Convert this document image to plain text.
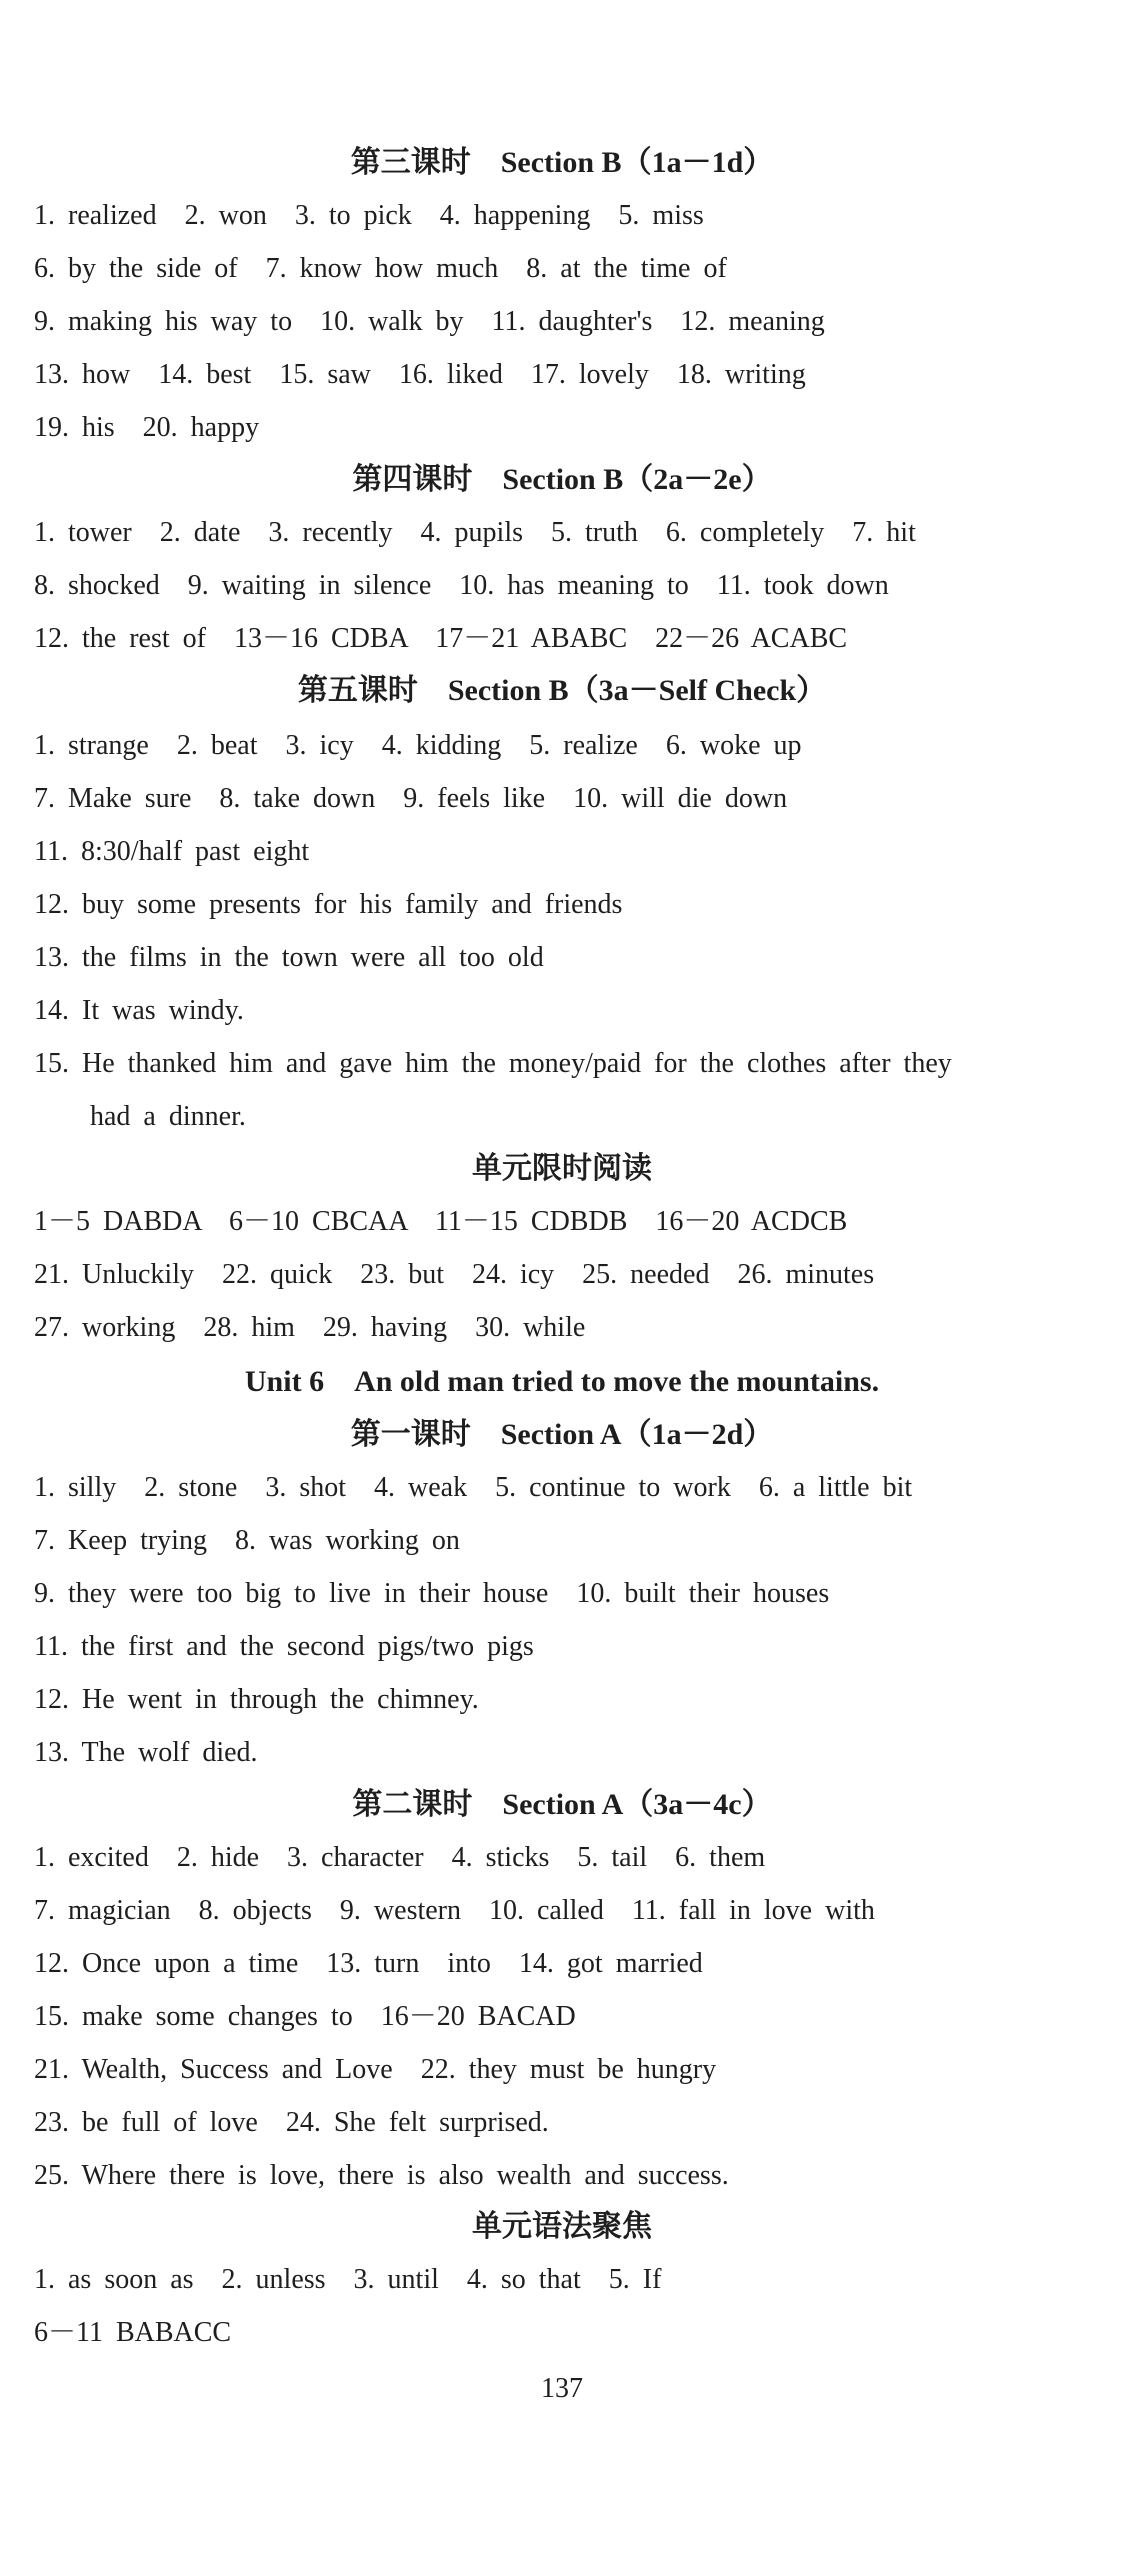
第三课时　Section B（1a－1d）
1. realized　2. won　3. to pick　4. happening　5. miss
6. by the side of　7. know how much　8. at the time of
9. making his way to　10. walk by　11. daughter's　12. meaning
13. how　14. best　15. saw　16. liked　17. lovely　18. writing
19. his　20. happy
第四课时　Section B（2a－2e）
1. tower　2. date　3. recently　4. pupils　5. truth　6. completely　7. hit
8. shocked　9. waiting in silence　10. has meaning to　11. took down
12. the rest of　13－16 CDBA　17－21 ABABC　22－26 ACABC
第五课时　Section B（3a－Self Check）
1. strange　2. beat　3. icy　4. kidding　5. realize　6. woke up
7. Make sure　8. take down　9. feels like　10. will die down
11. 8:30/half past eight
12. buy some presents for his family and friends
13. the films in the town were all too old
14. It was windy.
15. He thanked him and gave him the money/paid for the clothes after they
had a dinner.
单元限时阅读
1－5 DABDA　6－10 CBCAA　11－15 CDBDB　16－20 ACDCB
21. Unluckily　22. quick　23. but　24. icy　25. needed　26. minutes
27. working　28. him　29. having　30. while
Unit 6　An old man tried to move the mountains.
第一课时　Section A（1a－2d）
1. silly　2. stone　3. shot　4. weak　5. continue to work　6. a little bit
7. Keep trying　8. was working on
9. they were too big to live in their house　10. built their houses
11. the first and the second pigs/two pigs
12. He went in through the chimney.
13. The wolf died.
第二课时　Section A（3a－4c）
1. excited　2. hide　3. character　4. sticks　5. tail　6. them
7. magician　8. objects　9. western　10. called　11. fall in love with
12. Once upon a time　13. turn　into　14. got married
15. make some changes to　16－20 BACAD
21. Wealth, Success and Love　22. they must be hungry
23. be full of love　24. She felt surprised.
25. Where there is love, there is also wealth and success.
单元语法聚焦
1. as soon as　2. unless　3. until　4. so that　5. If
6－11 BABACC
137
